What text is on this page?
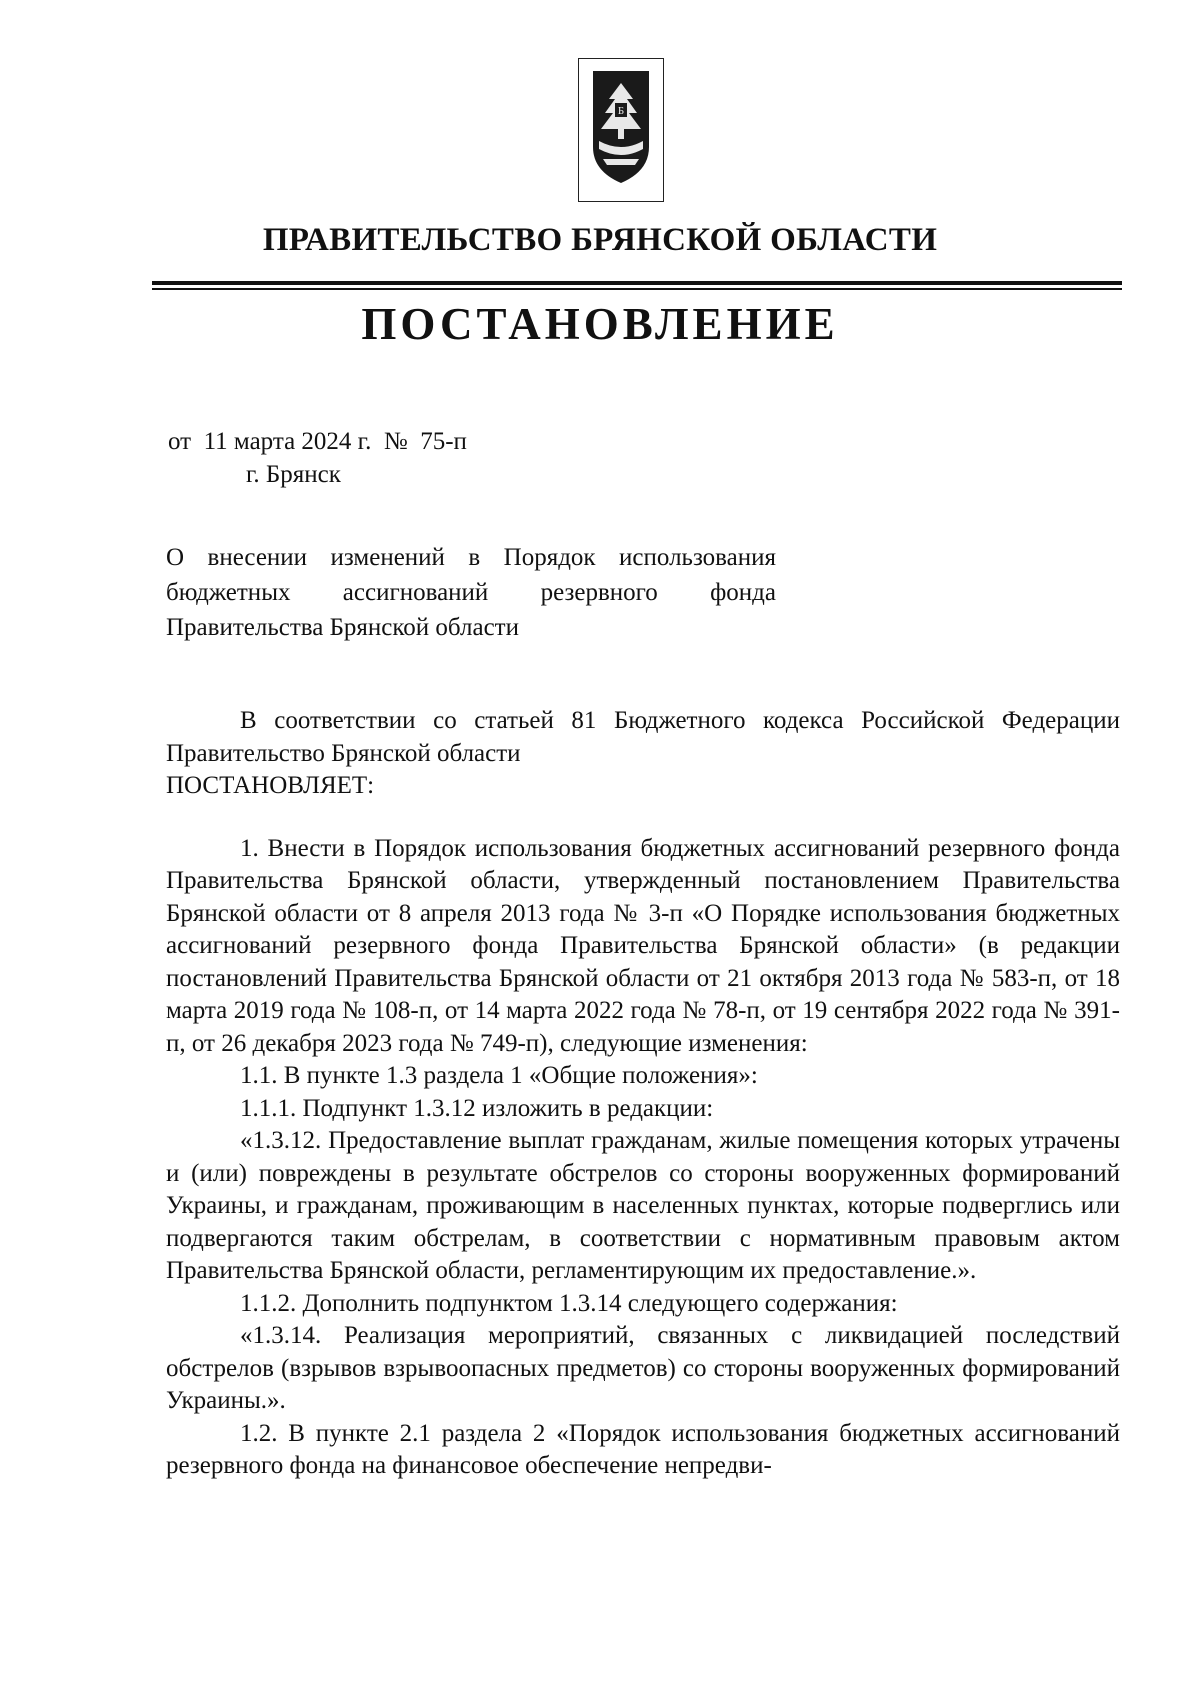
Б
ПРАВИТЕЛЬСТВО БРЯНСКОЙ ОБЛАСТИ
ПОСТАНОВЛЕНИЕ
от  11 марта 2024 г.  №  75-п
г. Брянск
О внесении изменений в Порядок использования
бюджетных ассигнований резервного фонда
Правительства Брянской области

В соответствии со статьей 81 Бюджетного кодекса Российской Федерации Правительство Брянской области

ПОСТАНОВЛЯЕТ:

1. Внести в Порядок использования бюджетных ассигнований резервного фонда Правительства Брянской области, утвержденный постановлением Правительства Брянской области от 8 апреля 2013 года № 3-п «О Порядке использования бюджетных ассигнований резервного фонда Правительства Брянской области» (в редакции постановлений Правительства Брянской области от 21 октября 2013 года № 583-п, от 18 марта 2019 года № 108-п, от 14 марта 2022 года № 78-п, от 19 сентября 2022 года № 391-п, от 26 декабря 2023 года № 749-п), следующие изменения:

1.1. В пункте 1.3 раздела 1 «Общие положения»:

1.1.1. Подпункт 1.3.12 изложить в редакции:

«1.3.12. Предоставление выплат гражданам, жилые помещения которых утрачены и (или) повреждены в результате обстрелов со стороны вооруженных формирований Украины, и гражданам, проживающим в населенных пунктах, которые подверглись или подвергаются таким обстрелам, в соответствии с нормативным правовым актом Правительства Брянской области, регламентирующим их предоставление.».

1.1.2. Дополнить подпунктом 1.3.14 следующего содержания:

«1.3.14. Реализация мероприятий, связанных с ликвидацией последствий обстрелов (взрывов взрывоопасных предметов) со стороны вооруженных формирований Украины.».

1.2. В пункте 2.1 раздела 2 «Порядок использования бюджетных ассигнований резервного фонда на финансовое обеспечение непредви-
